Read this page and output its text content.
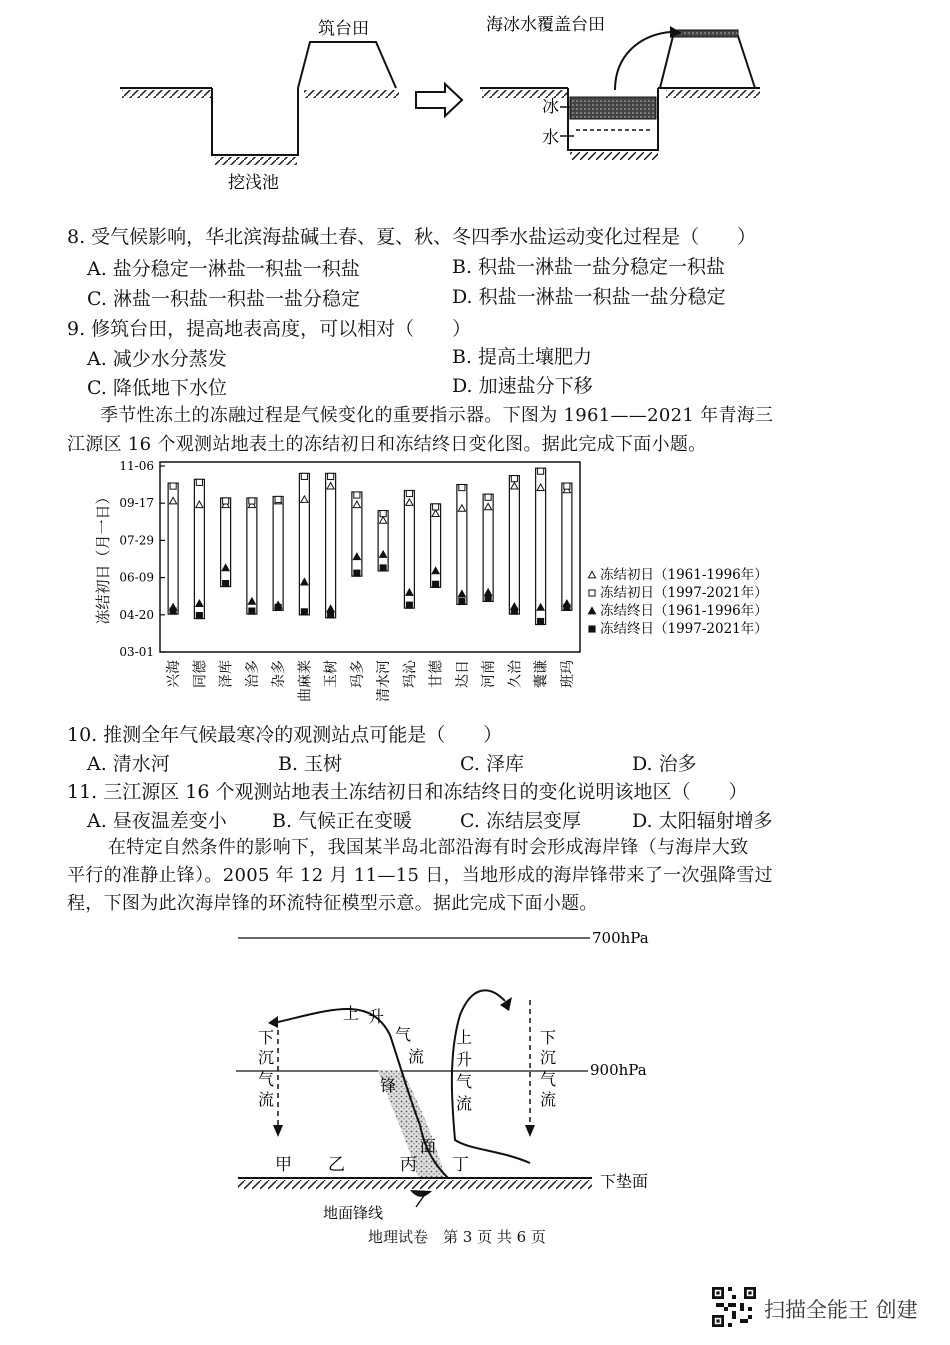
筑台田
挖浅池
海冰水覆盖台田
冰
水
8. 受气候影响，华北滨海盐碱土春、夏、秋、冬四季水盐运动变化过程是（　　）
A. 盐分稳定一淋盐一积盐一积盐	B. 积盐一淋盐一盐分稳定一积盐
C. 淋盐一积盐一积盐一盐分稳定	D. 积盐一淋盐一积盐一盐分稳定
9. 修筑台田，提高地表高度，可以相对（　　）
A. 减少水分蒸发	B. 提高土壤肥力
C. 降低地下水位	D. 加速盐分下移
季节性冻土的冻融过程是气候变化的重要指示器。下图为 1961——2021 年青海三
江源区 16 个观测站地表土的冻结初日和冻结终日变化图。据此完成下面小题。
冻结初日（月一日）
11-06
09-17
07-29
06-09
04-20
03-01
兴海 同德 泽库 治多 杂多 曲麻莱 玉树 玛多 清水河 玛沁 甘德 达日 河南 久治 囊谦 班玛
冻结初日（1961-1996年）
冻结初日（1997-2021年）
冻结终日（1961-1996年）
冻结终日（1997-2021年）
10. 推测全年气候最寒冷的观测站点可能是（　　）
A. 清水河	B. 玉树	C. 泽库	D. 治多
11. 三江源区 16 个观测站地表土冻结初日和冻结终日的变化说明该地区（　　）
A. 昼夜温差变小 B. 气候正在变暖	C. 冻结层变厚	D. 太阳辐射增多
在特定自然条件的影响下，我国某半岛北部沿海有时会形成海岸锋（与海岸大致
平行的准静止锋）。2005 年 12 月 11—15 日，当地形成的海岸锋带来了一次强降雪过
程，下图为此次海岸锋的环流特征模型示意。据此完成下面小题。
700hPa
900hPa
下垫面
地面锋线
上 升
气
流
锋
面
下
沉
气
流
上
升
气
流
下
沉
气
流
甲 乙	丙 丁
地理试卷　第 3 页 共 6 页
扫描全能王 创建
